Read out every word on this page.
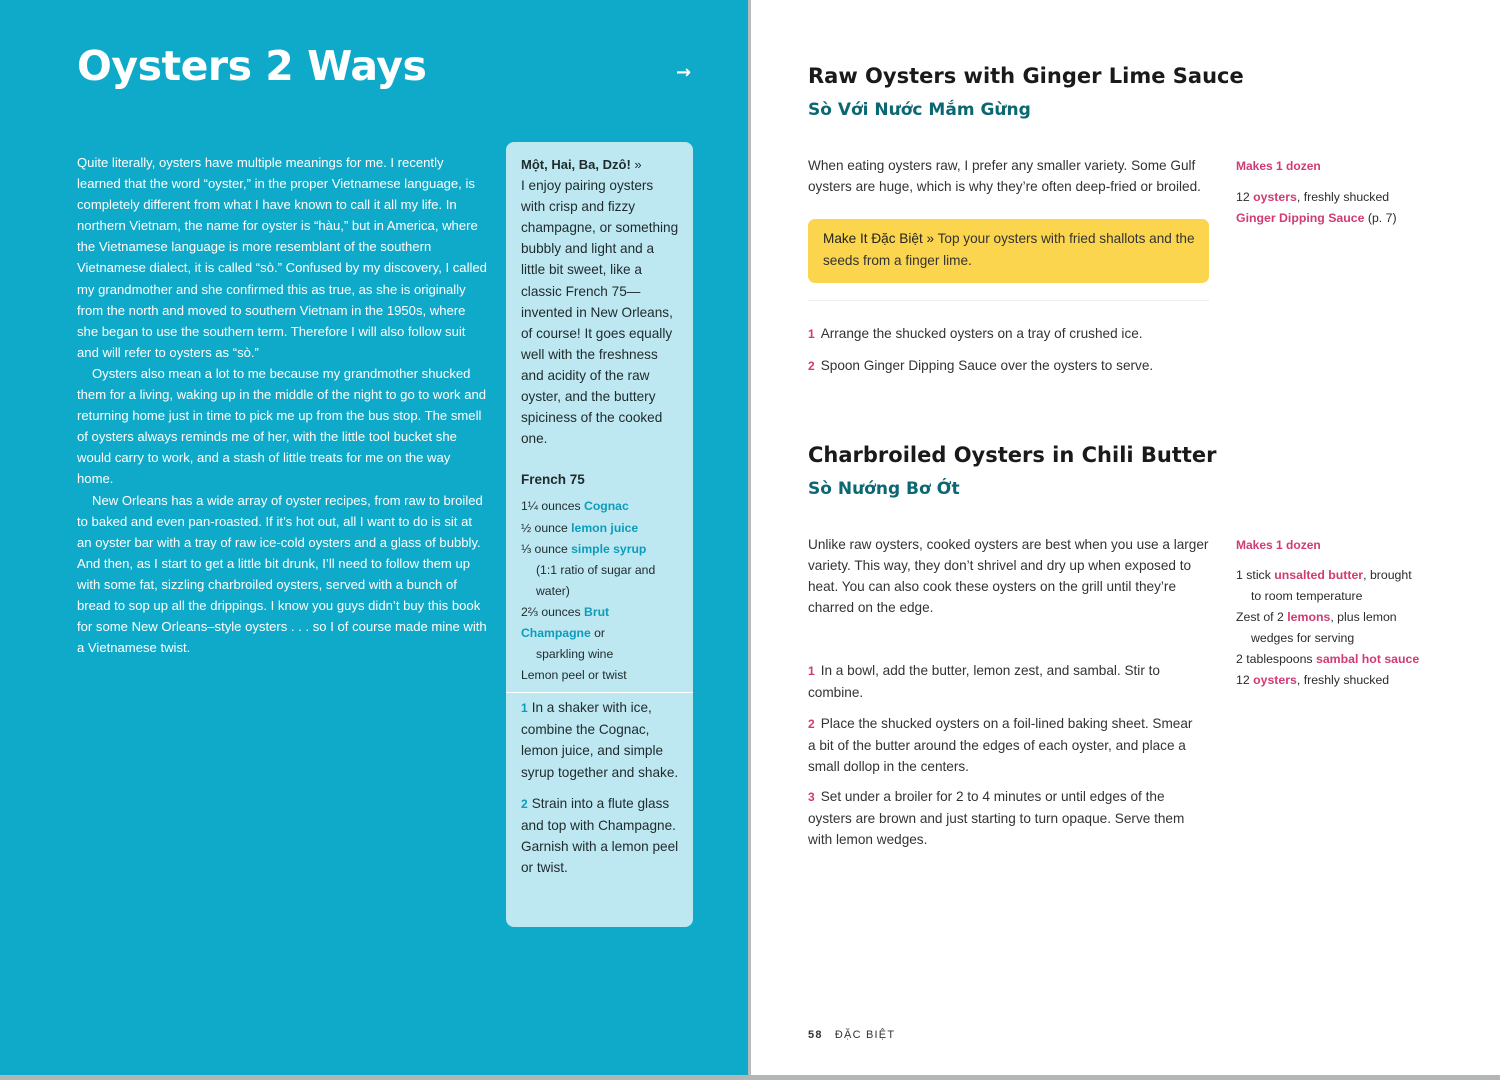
Oysters 2 Ways	→

Quite literally, oysters have multiple meanings for me. I recently learned that the word “oyster,” in the proper Vietnamese language, is completely different from what I have known to call it all my life. In northern Vietnam, the name for oyster is “hàu,” but in America, where the Vietnamese language is more resemblant of the southern Vietnamese dialect, it is called “sò.” Confused by my discovery, I called my grandmother and she confirmed this as true, as she is originally from the north and moved to southern Vietnam in the 1950s, where she began to use the southern term. Therefore I will also follow suit and will refer to oysters as “sò.”

Oysters also mean a lot to me because my grandmother shucked them for a living, waking up in the middle of the night to go to work and returning home just in time to pick me up from the bus stop. The smell of oysters always reminds me of her, with the little tool bucket she would carry to work, and a stash of little treats for me on the way home.

New Orleans has a wide array of oyster recipes, from raw to broiled to baked and even pan-roasted. If it’s hot out, all I want to do is sit at an oyster bar with a tray of raw ice-cold oysters and a glass of bubbly. And then, as I start to get a little bit drunk, I’ll need to follow them up with some fat, sizzling charbroiled oysters, served with a bunch of bread to sop up all the drippings. I know you guys didn’t buy this book for some New Orleans–style oysters . . . so I of course made mine with a Vietnamese twist.

Một, Hai, Ba, Dzô! »
I enjoy pairing oysters with crisp and fizzy champagne, or something bubbly and light and a little bit sweet, like a classic French 75—invented in New Orleans, of course! It goes equally well with the freshness and acidity of the raw oyster, and the buttery spiciness of the cooked one.
French 75
1¼ ounces Cognac
½ ounce lemon juice
⅓ ounce simple syrup
(1:1 ratio of sugar and water)
2⅔ ounces Brut Champagne or
sparkling wine
Lemon peel or twist
1 In a shaker with ice, combine the Cognac, lemon juice, and simple syrup together and shake.
2 Strain into a flute glass and top with Champagne. Garnish with a lemon peel or twist.
Raw Oysters with Ginger Lime Sauce
Sò Với Nước Mắm Gừng
When eating oysters raw, I prefer any smaller variety. Some Gulf oysters are huge, which is why they’re often deep-fried or broiled.
Makes 1 dozen
12 oysters, freshly shucked
Ginger Dipping Sauce (p. 7)
Make It Đặc Biệt » Top your oysters with fried shallots and the seeds from a finger lime.
1 Arrange the shucked oysters on a tray of crushed ice.
2 Spoon Ginger Dipping Sauce over the oysters to serve.
Charbroiled Oysters in Chili Butter
Sò Nướng Bơ Ớt
Unlike raw oysters, cooked oysters are best when you use a larger variety. This way, they don’t shrivel and dry up when exposed to heat. You can also cook these oysters on the grill until they’re charred on the edge.
Makes 1 dozen
1 stick unsalted butter, brought
to room temperature
Zest of 2 lemons, plus lemon
wedges for serving
2 tablespoons sambal hot sauce
12 oysters, freshly shucked
1 In a bowl, add the butter, lemon zest, and sambal. Stir to combine.
2 Place the shucked oysters on a foil-lined baking sheet. Smear a bit of the butter around the edges of each oyster, and place a small dollop in the centers.
3 Set under a broiler for 2 to 4 minutes or until edges of the oysters are brown and just starting to turn opaque. Serve them with lemon wedges.
58 ĐẶC BIỆT
